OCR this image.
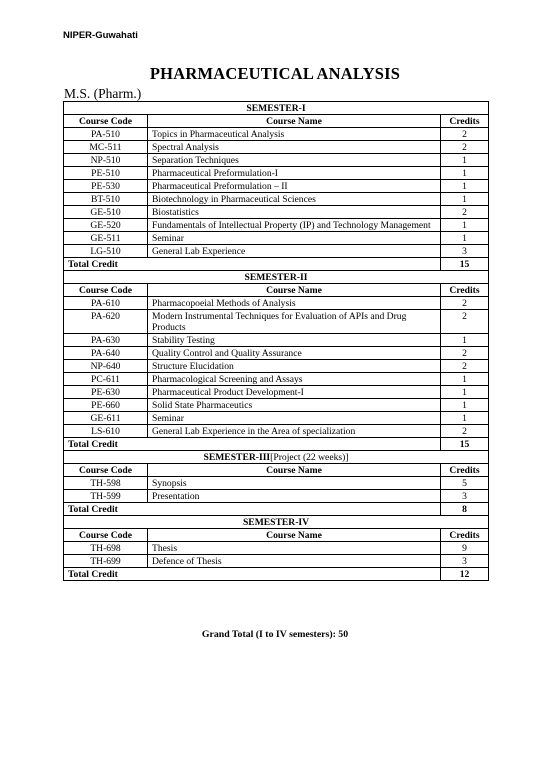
NIPER-Guwahati
PHARMACEUTICAL ANALYSIS
M.S. (Pharm.)
SEMESTER-I		
Course Code	Course Name	Credits
PA-510	Topics in Pharmaceutical Analysis	2
MC-511	Spectral Analysis	2
NP-510	Separation Techniques	1
PE-510	Pharmaceutical Preformulation-I	1
PE-530	Pharmaceutical Preformulation – II	1
BT-510	Biotechnology in Pharmaceutical Sciences	1
GE-510	Biostatistics	2
GE-520	Fundamentals of Intellectual Property (IP) and Technology Management	1
GE-511	Seminar	1
LG-510	General Lab Experience	3
Total Credit		15
SEMESTER-II		
Course Code	Course Name	Credits
PA-610	Pharmacopoeial Methods of Analysis	2
PA-620	Modern Instrumental Techniques for Evaluation of APIs and Drug Products	2
PA-630	Stability Testing	1
PA-640	Quality Control and Quality Assurance	2
NP-640	Structure Elucidation	2
PC-611	Pharmacological Screening and Assays	1
PE-630	Pharmaceutical Product Development-I	1
PE-660	Solid State Pharmaceutics	1
GE-611	Seminar	1
LS-610	General Lab Experience in the Area of specialization	2
Total Credit		15
SEMESTER-III[Project (22 weeks)]		
Course Code	Course Name	Credits
TH-598	Synopsis	5
TH-599	Presentation	3
Total Credit		8
SEMESTER-IV		
Course Code	Course Name	Credits
TH-698	Thesis	9
TH-699	Defence of Thesis	3
Total Credit		12
Grand Total (I to IV semesters): 50
